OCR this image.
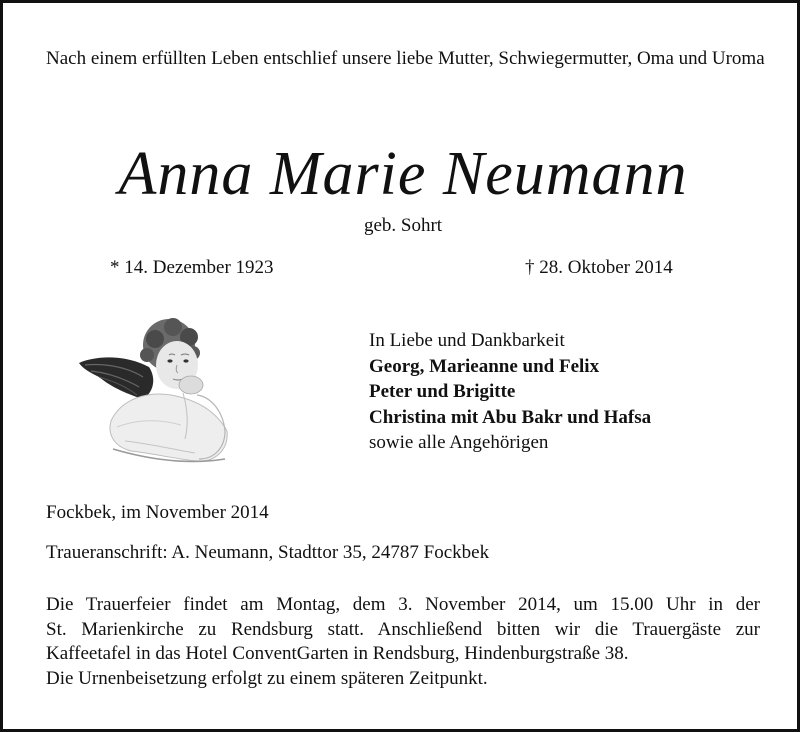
Nach einem erfüllten Leben entschlief unsere liebe Mutter, Schwiegermutter, Oma und Uroma
Anna Marie Neumann
geb. Sohrt
* 14. Dezember 1923	† 28. Oktober 2014
In Liebe und Dankbarkeit
Georg, Marieanne und Felix
Peter und Brigitte
Christina mit Abu Bakr und Hafsa
sowie alle Angehörigen
Fockbek, im November 2014
Traueranschrift: A. Neumann, Stadttor 35, 24787 Fockbek
Die Trauerfeier findet am Montag, dem 3. November 2014, um 15.00 Uhr in der
St. Marienkirche zu Rendsburg statt. Anschließend bitten wir die Trauergäste zur
Kaffeetafel in das Hotel ConventGarten in Rendsburg, Hindenburgstraße 38.
Die Urnenbeisetzung erfolgt zu einem späteren Zeitpunkt.
